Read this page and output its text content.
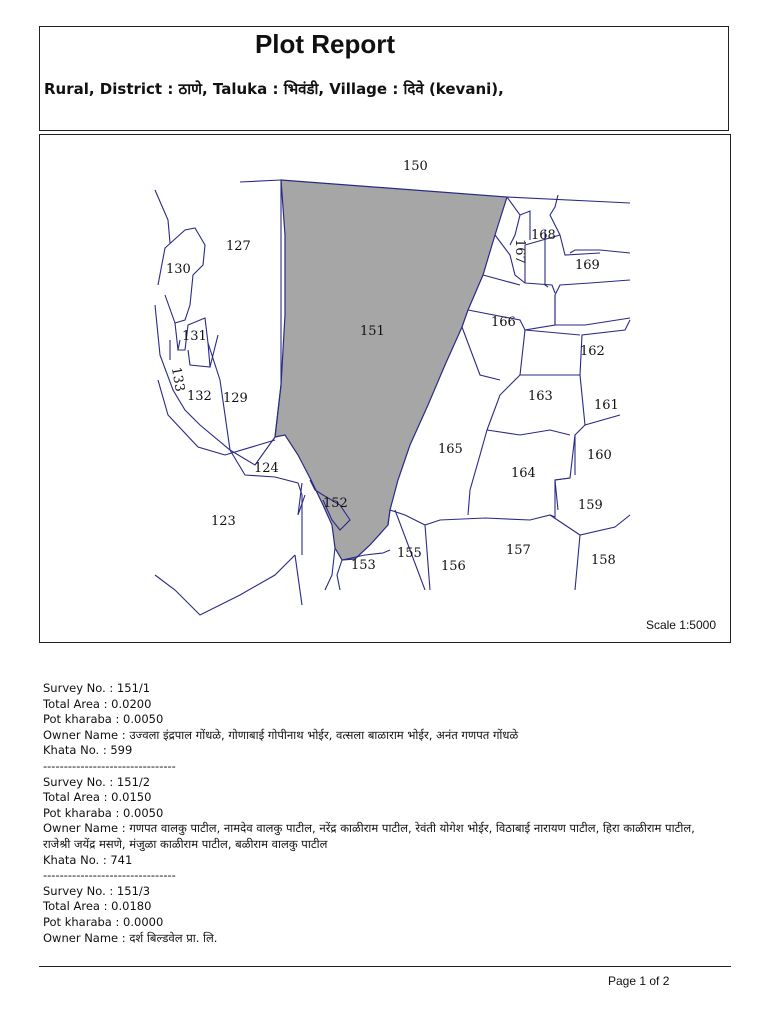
Plot Report
Rural, District : ठाणे, Taluka : भिवंडी, Village : दिवे (kevani),
150
127
130
168
169
167
166
131	151
162
133
132 129	163
161
165	160
124	164
152	159
123
155	157
153	156	158
Scale 1:5000
Survey No. : 151/1
Total Area : 0.0200
Pot kharaba : 0.0050
Owner Name : उज्वला इंद्रपाल गोंधळे, गोणाबाई गोपीनाथ भोईर, वत्सला बाळाराम भोईर, अनंत गणपत गोंधळे
Khata No. : 599
--------------------------------
Survey No. : 151/2
Total Area : 0.0150
Pot kharaba : 0.0050
Owner Name : गणपत वालकु पाटील, नामदेव वालकु पाटील, नरेंद्र काळीराम पाटील, रेवंती योगेश भोईर, विठाबाई नारायण पाटील, हिरा काळीराम पाटील, राजेश्री जयेंद्र मसणे, मंजुळा काळीराम पाटील, बळीराम वालकु पाटील
Khata No. : 741
--------------------------------
Survey No. : 151/3
Total Area : 0.0180
Pot kharaba : 0.0000
Owner Name : दर्श बिल्डवेल प्रा. लि.
Page 1 of 2
